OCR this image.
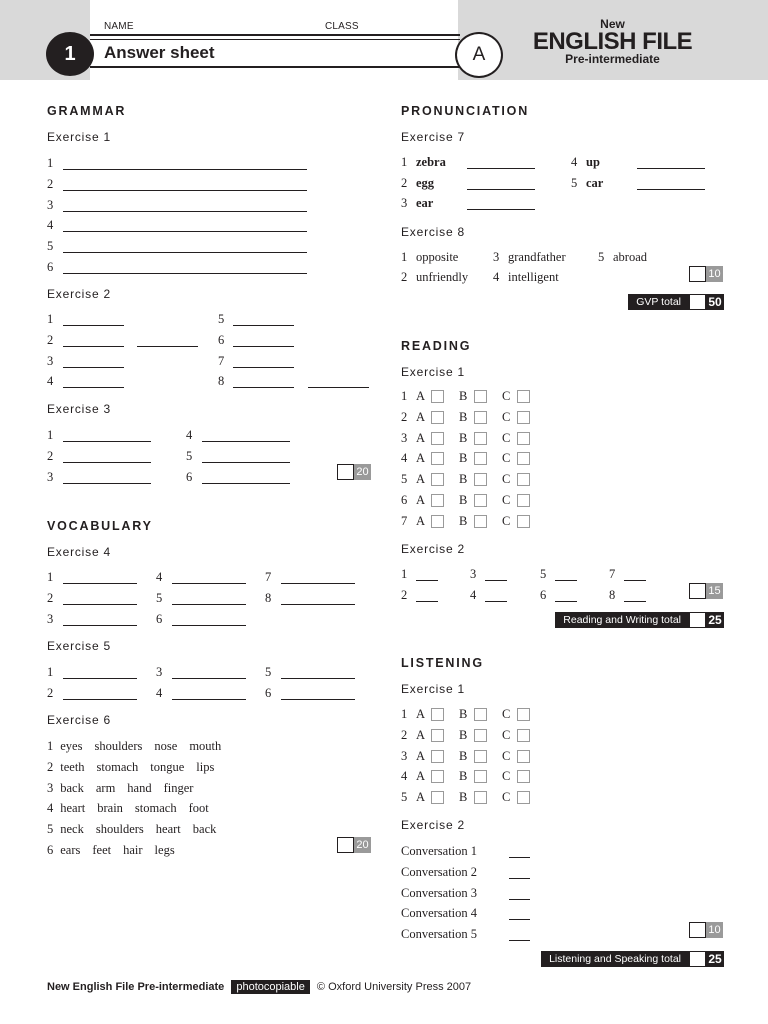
NAME	CLASS
1	Answer sheet	A
New
ENGLISH FILE
Pre-intermediate
GRAMMAR
Exercise 1
1
2
3
4
5
6
Exercise 2
1
2
3
4
5
6
7
8
Exercise 3
1
2
3
4
5
6	20
VOCABULARY
Exercise 4
1
2
3
4
5
6
7
8
Exercise 5
1
2
3
4
5
6
Exercise 6
1 eyes shoulders nose mouth
2 teeth stomach tongue lips
3 back arm hand finger
4 heart brain stomach foot
5 neck shoulders heart back
6 ears feet hair legs	20
PRONUNCIATION
Exercise 7
1 zebra
2 egg
3 ear
4 up
5 car
Exercise 8
1 opposite	3 grandfather	5 abroad
2 unfriendly 4 intelligent	10
GVP total	50
READING
Exercise 1
1 A	B	C
2 A	B	C
3 A	B	C
4 A	B	C
5 A	B	C
6 A	B	C
7 A	B	C
Exercise 2
1	3	5	7
2	4	6	8	15
Reading and Writing total	25
LISTENING
Exercise 1
1 A	B	C
2 A	B	C
3 A	B	C
4 A	B	C
5 A	B	C
Exercise 2
Conversation 1
Conversation 2
Conversation 3
Conversation 4
Conversation 5	10
Listening and Speaking total	25
New English File Pre-intermediate photocopiable © Oxford University Press 2007
